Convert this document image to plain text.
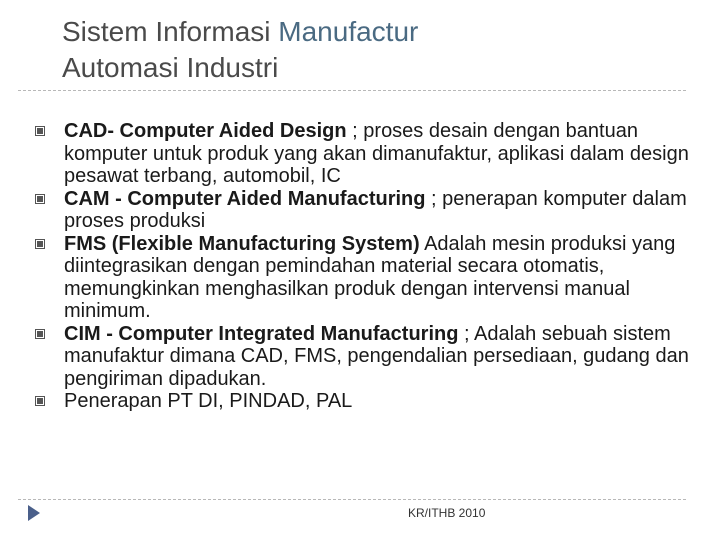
Sistem Informasi Manufactur
Automasi Industri
CAD- Computer Aided Design ; proses desain dengan bantuan komputer untuk produk yang akan dimanufaktur, aplikasi dalam design pesawat terbang, automobil, IC
CAM - Computer Aided Manufacturing ; penerapan komputer dalam proses produksi
FMS (Flexible Manufacturing System) Adalah mesin produksi yang diintegrasikan dengan pemindahan material secara otomatis, memungkinkan menghasilkan produk dengan intervensi manual minimum.
CIM - Computer Integrated Manufacturing ; Adalah sebuah sistem manufaktur dimana CAD, FMS, pengendalian persediaan, gudang dan pengiriman dipadukan.
Penerapan PT DI, PINDAD, PAL
KR/ITHB 2010
